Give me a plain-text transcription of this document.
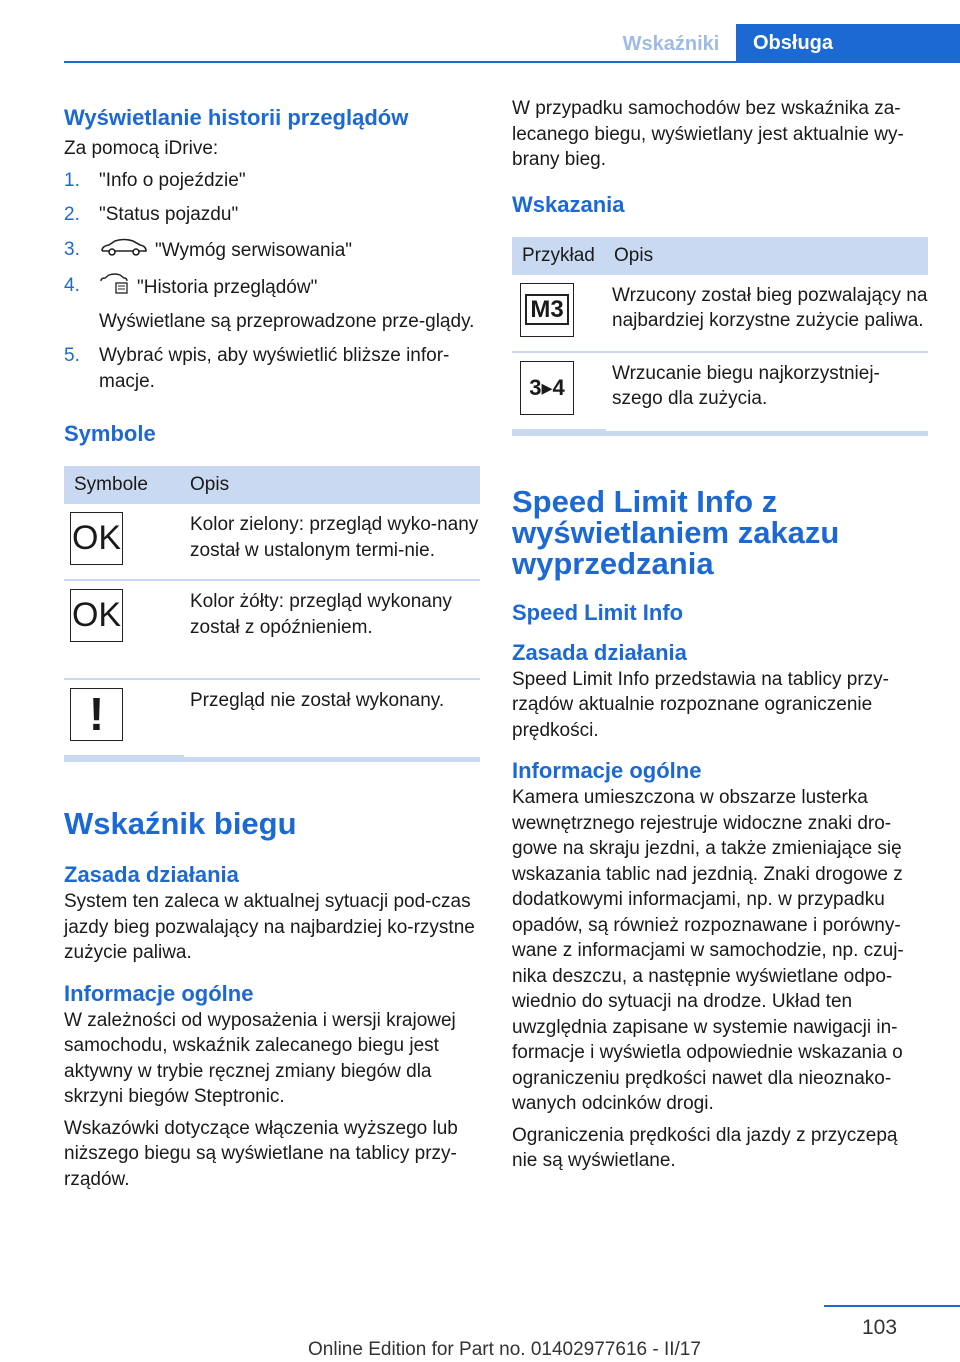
Wskaźniki	Obsługa

Wyświetlanie historii przeglądów

Za pomocą iDrive:

1. "Info o pojeździe"
2. "Status pojazdu"
3.	"Wymóg serwisowania"
4.	"Historia przeglądów"
Wyświetlane są przeprowadzone prze‐glądy.
5. Wybrać wpis, aby wyświetlić bliższe infor‐macje.

Symbole

Symbole	Opis

OK	Kolor zielony: przegląd wyko‐nany został w ustalonym termi‐nie.

OK	Kolor żółty: przegląd wykonany został z opóźnieniem.

!	Przegląd nie został wykonany.

Wskaźnik biegu

Zasada działania

System ten zaleca w aktualnej sytuacji pod‐czas jazdy bieg pozwalający na najbardziej ko‐rzystne zużycie paliwa.

Informacje ogólne

W zależności od wyposażenia i wersji krajowej samochodu, wskaźnik zalecanego biegu jest aktywny w trybie ręcznej zmiany biegów dla skrzyni biegów Steptronic.

Wskazówki dotyczące włączenia wyższego lub niższego biegu są wyświetlane na tablicy przy‐rządów.

W przypadku samochodów bez wskaźnika za‐lecanego biegu, wyświetlany jest aktualnie wy‐brany bieg.

Wskazania

Przykład	Opis

M3	Wrzucony został bieg pozwalający na najbardziej korzystne zużycie paliwa.

3▸4	Wrzucanie biegu najkorzystniej‐szego dla zużycia.

Speed Limit Info z wyświetlaniem zakazu wyprzedzania

Speed Limit Info

Zasada działania

Speed Limit Info przedstawia na tablicy przy‐rządów aktualnie rozpoznane ograniczenie prędkości.

Informacje ogólne

Kamera umieszczona w obszarze lusterka wewnętrznego rejestruje widoczne znaki dro‐gowe na skraju jezdni, a także zmieniające się wskazania tablic nad jezdnią. Znaki drogowe z dodatkowymi informacjami, np. w przypadku opadów, są również rozpoznawane i porówny‐wane z informacjami w samochodzie, np. czuj‐nika deszczu, a następnie wyświetlane odpo‐wiednio do sytuacji na drodze. Układ ten uwzględnia zapisane w systemie nawigacji in‐formacje i wyświetla odpowiednie wskazania o ograniczeniu prędkości nawet dla nieoznako‐wanych odcinków drogi.

Ograniczenia prędkości dla jazdy z przyczepą nie są wyświetlane.

103
Online Edition for Part no. 01402977616 - II/17
